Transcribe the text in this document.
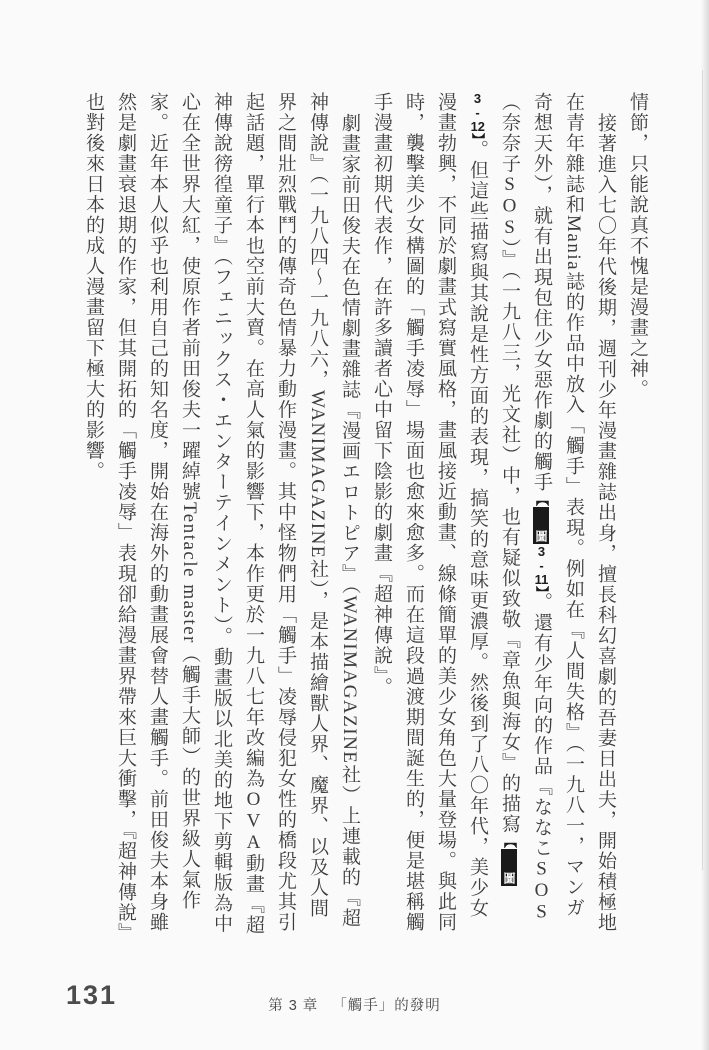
情節，只能說真不愧是漫畫之神。

接著進入七〇年代後期，週刊少年漫畫雜誌出身，擅長科幻喜劇的吾妻日出夫，開始積極地在青年雜誌和Mania誌的作品中放入「觸手」表現。例如在『人間失格』（一九八一，マンガ奇想天外），就有出現包住少女惡作劇的觸手【圖3-11】。還有少年向的作品『ななこSOS（奈奈子SOS）』（一九八三，光文社）中，也有疑似致敬『章魚與海女』的描寫【圖3-12】。但這些描寫與其說是性方面的表現，搞笑的意味更濃厚。然後到了八〇年代，美少女漫畫勃興，不同於劇畫式寫實風格，畫風接近動畫、線條簡單的美少女角色大量登場。與此同時，襲擊美少女構圖的「觸手凌辱」場面也愈來愈多。而在這段過渡期間誕生的，便是堪稱觸手漫畫初期代表作，在許多讀者心中留下陰影的劇畫『超神傳說』。

劇畫家前田俊夫在色情劇畫雜誌『漫画エロトピア』（WANIMAGAZINE社）上連載的『超神傳說』（一九八四～一九八六，WANIMAGAZINE社），是本描繪獸人界、魔界、以及人間界之間壯烈戰鬥的傳奇色情暴力動作漫畫。其中怪物們用「觸手」凌辱侵犯女性的橋段尤其引起話題，單行本也空前大賣。在高人氣的影響下，本作更於一九八七年改編為OVA動畫『超神傳說徬徨童子』（フェニックス・エンターテインメント）。動畫版以北美的地下剪輯版為中心在全世界大紅，使原作者前田俊夫一躍綽號Tentacle master（觸手大師）的世界級人氣作家。近年本人似乎也利用自己的知名度，開始在海外的動畫展會替人畫觸手。前田俊夫本身雖然是劇畫衰退期的作家，但其開拓的「觸手凌辱」表現卻給漫畫界帶來巨大衝擊，『超神傳說』也對後來日本的成人漫畫留下極大的影響。

131	第 3 章 「觸手」的發明
